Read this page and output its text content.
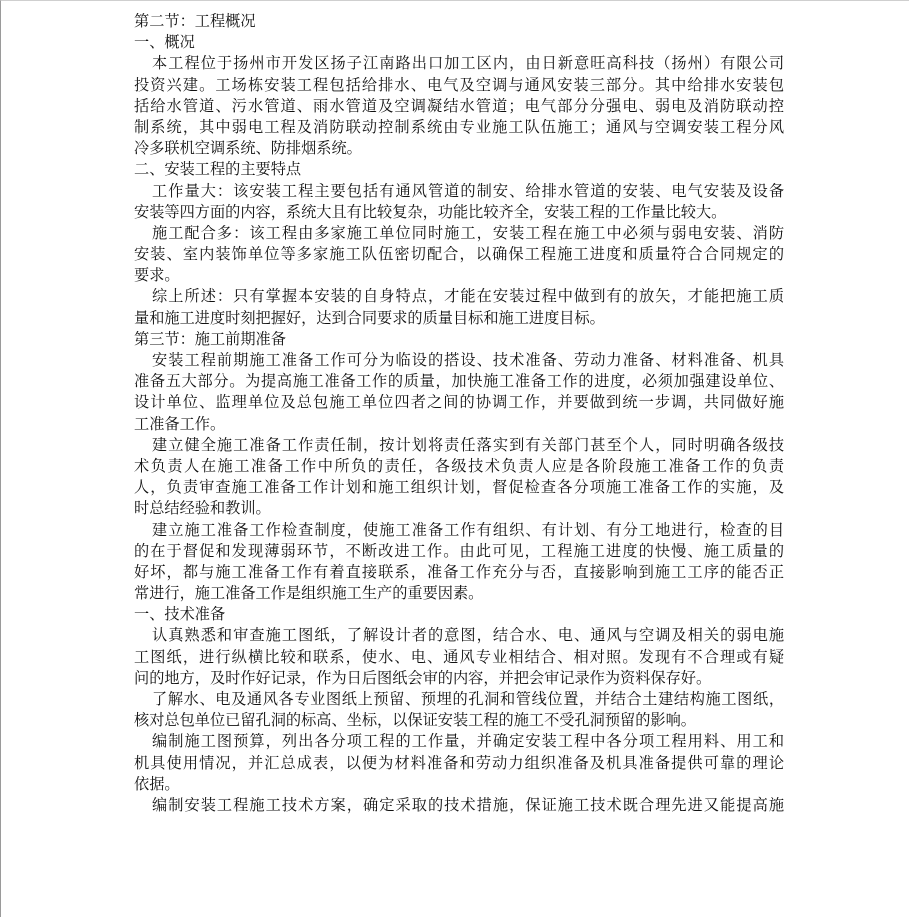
第二节：工程概况
一、概况
本工程位于扬州市开发区扬子江南路出口加工区内，由日新意旺高科技（扬州）有限公司
投资兴建。工场栋安装工程包括给排水、电气及空调与通风安装三部分。其中给排水安装包
括给水管道、污水管道、雨水管道及空调凝结水管道；电气部分分强电、弱电及消防联动控
制系统，其中弱电工程及消防联动控制系统由专业施工队伍施工；通风与空调安装工程分风
冷多联机空调系统、防排烟系统。
二、安装工程的主要特点
工作量大：该安装工程主要包括有通风管道的制安、给排水管道的安装、电气安装及设备
安装等四方面的内容，系统大且有比较复杂，功能比较齐全，安装工程的工作量比较大。
施工配合多：该工程由多家施工单位同时施工，安装工程在施工中必须与弱电安装、消防
安装、室内装饰单位等多家施工队伍密切配合，以确保工程施工进度和质量符合合同规定的
要求。
综上所述：只有掌握本安装的自身特点，才能在安装过程中做到有的放矢，才能把施工质
量和施工进度时刻把握好，达到合同要求的质量目标和施工进度目标。
第三节：施工前期准备
安装工程前期施工准备工作可分为临设的搭设、技术准备、劳动力准备、材料准备、机具
准备五大部分。为提高施工准备工作的质量，加快施工准备工作的进度，必须加强建设单位、
设计单位、监理单位及总包施工单位四者之间的协调工作，并要做到统一步调，共同做好施
工准备工作。
建立健全施工准备工作责任制，按计划将责任落实到有关部门甚至个人，同时明确各级技
术负责人在施工准备工作中所负的责任，各级技术负责人应是各阶段施工准备工作的负责
人，负责审查施工准备工作计划和施工组织计划，督促检查各分项施工准备工作的实施，及
时总结经验和教训。
建立施工准备工作检查制度，使施工准备工作有组织、有计划、有分工地进行，检查的目
的在于督促和发现薄弱环节，不断改进工作。由此可见，工程施工进度的快慢、施工质量的
好坏，都与施工准备工作有着直接联系，准备工作充分与否，直接影响到施工工序的能否正
常进行，施工准备工作是组织施工生产的重要因素。
一、技术准备
认真熟悉和审查施工图纸，了解设计者的意图，结合水、电、通风与空调及相关的弱电施
工图纸，进行纵横比较和联系，使水、电、通风专业相结合、相对照。发现有不合理或有疑
问的地方，及时作好记录，作为日后图纸会审的内容，并把会审记录作为资料保存好。
了解水、电及通风各专业图纸上预留、预埋的孔洞和管线位置，并结合土建结构施工图纸，
核对总包单位已留孔洞的标高、坐标，以保证安装工程的施工不受孔洞预留的影响。
编制施工图预算，列出各分项工程的工作量，并确定安装工程中各分项工程用料、用工和
机具使用情况，并汇总成表，以便为材料准备和劳动力组织准备及机具准备提供可靠的理论
依据。
编制安装工程施工技术方案，确定采取的技术措施，保证施工技术既合理先进又能提高施
